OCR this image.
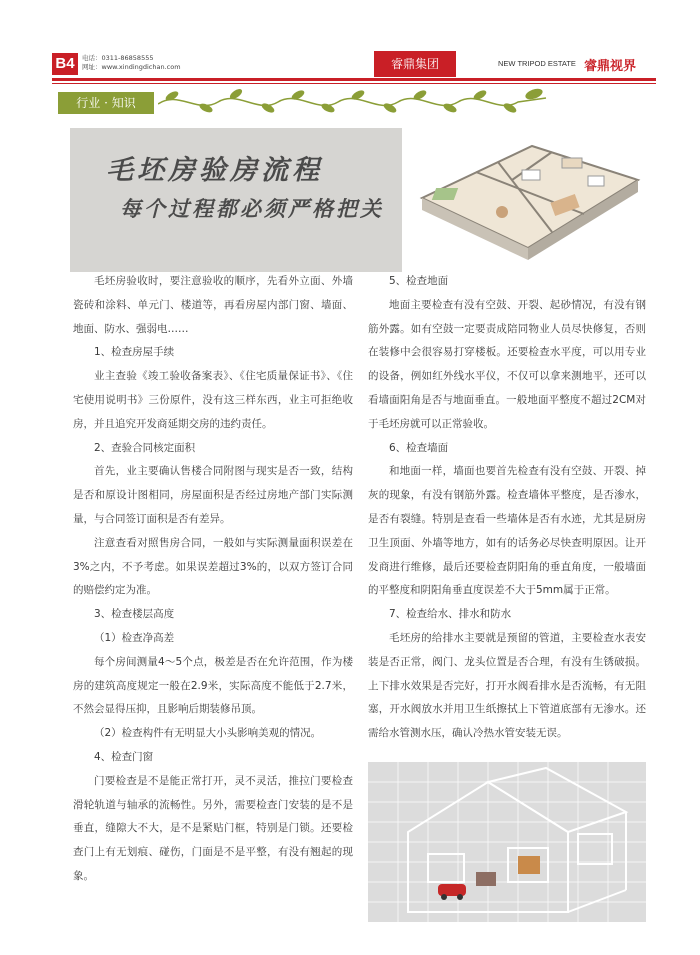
B4	电话：0311-86858555
网址：www.xindingdichan.com	睿鼎集团	NEW TRIPOD ESTATE 睿鼎视界
行业 · 知识
毛坯房验房流程
每个过程都必须严格把关

毛坯房验收时，要注意验收的顺序，先看外立面、外墙瓷砖和涂料、单元门、楼道等，再看房屋内部门窗、墙面、地面、防水、强弱电……

1、检查房屋手续

业主查验《竣工验收备案表》、《住宅质量保证书》、《住宅使用说明书》三份原件，没有这三样东西，业主可拒绝收房，并且追究开发商延期交房的违约责任。

2、查验合同核定面积

首先，业主要确认售楼合同附图与现实是否一致，结构是否和原设计图相同，房屋面积是否经过房地产部门实际测量，与合同签订面积是否有差异。

注意查看对照售房合同，一般如与实际测量面积误差在3%之内，不予考虑。如果误差超过3%的，以双方签订合同的赔偿约定为准。

3、检查楼层高度

（1）检查净高差

每个房间测量4～5个点，极差是否在允许范围，作为楼房的建筑高度规定一般在2.9米，实际高度不能低于2.7米，不然会显得压抑，且影响后期装修吊顶。

（2）检查构件有无明显大小头影响美观的情况。

4、检查门窗

门要检查是不是能正常打开，灵不灵活，推拉门要检查滑轮轨道与轴承的流畅性。另外，需要检查门安装的是不是垂直，缝隙大不大，是不是紧贴门框，特别是门锁。还要检查门上有无划痕、碰伤，门面是不是平整，有没有翘起的现象。

5、检查地面

地面主要检查有没有空鼓、开裂、起砂情况，有没有钢筋外露。如有空鼓一定要责成陪同物业人员尽快修复，否则在装修中会很容易打穿楼板。还要检查水平度，可以用专业的设备，例如红外线水平仪，不仅可以拿来测地平，还可以看墙面阳角是否与地面垂直。一般地面平整度不超过2CM对于毛坯房就可以正常验收。

6、检查墙面

和地面一样，墙面也要首先检查有没有空鼓、开裂、掉灰的现象，有没有钢筋外露。检查墙体平整度，是否渗水，是否有裂缝。特别是查看一些墙体是否有水迹，尤其是厨房卫生顶面、外墙等地方，如有的话务必尽快查明原因。让开发商进行维修，最后还要检查阴阳角的垂直角度，一般墙面的平整度和阴阳角垂直度误差不大于5mm属于正常。

7、检查给水、排水和防水

毛坯房的给排水主要就是预留的管道，主要检查水表安装是否正常，阀门、龙头位置是否合理，有没有生锈破损。上下排水效果是否完好，打开水阀看排水是否流畅，有无阻塞，开水阀放水并用卫生纸擦拭上下管道底部有无渗水。还需给水管测水压，确认冷热水管安装无误。
